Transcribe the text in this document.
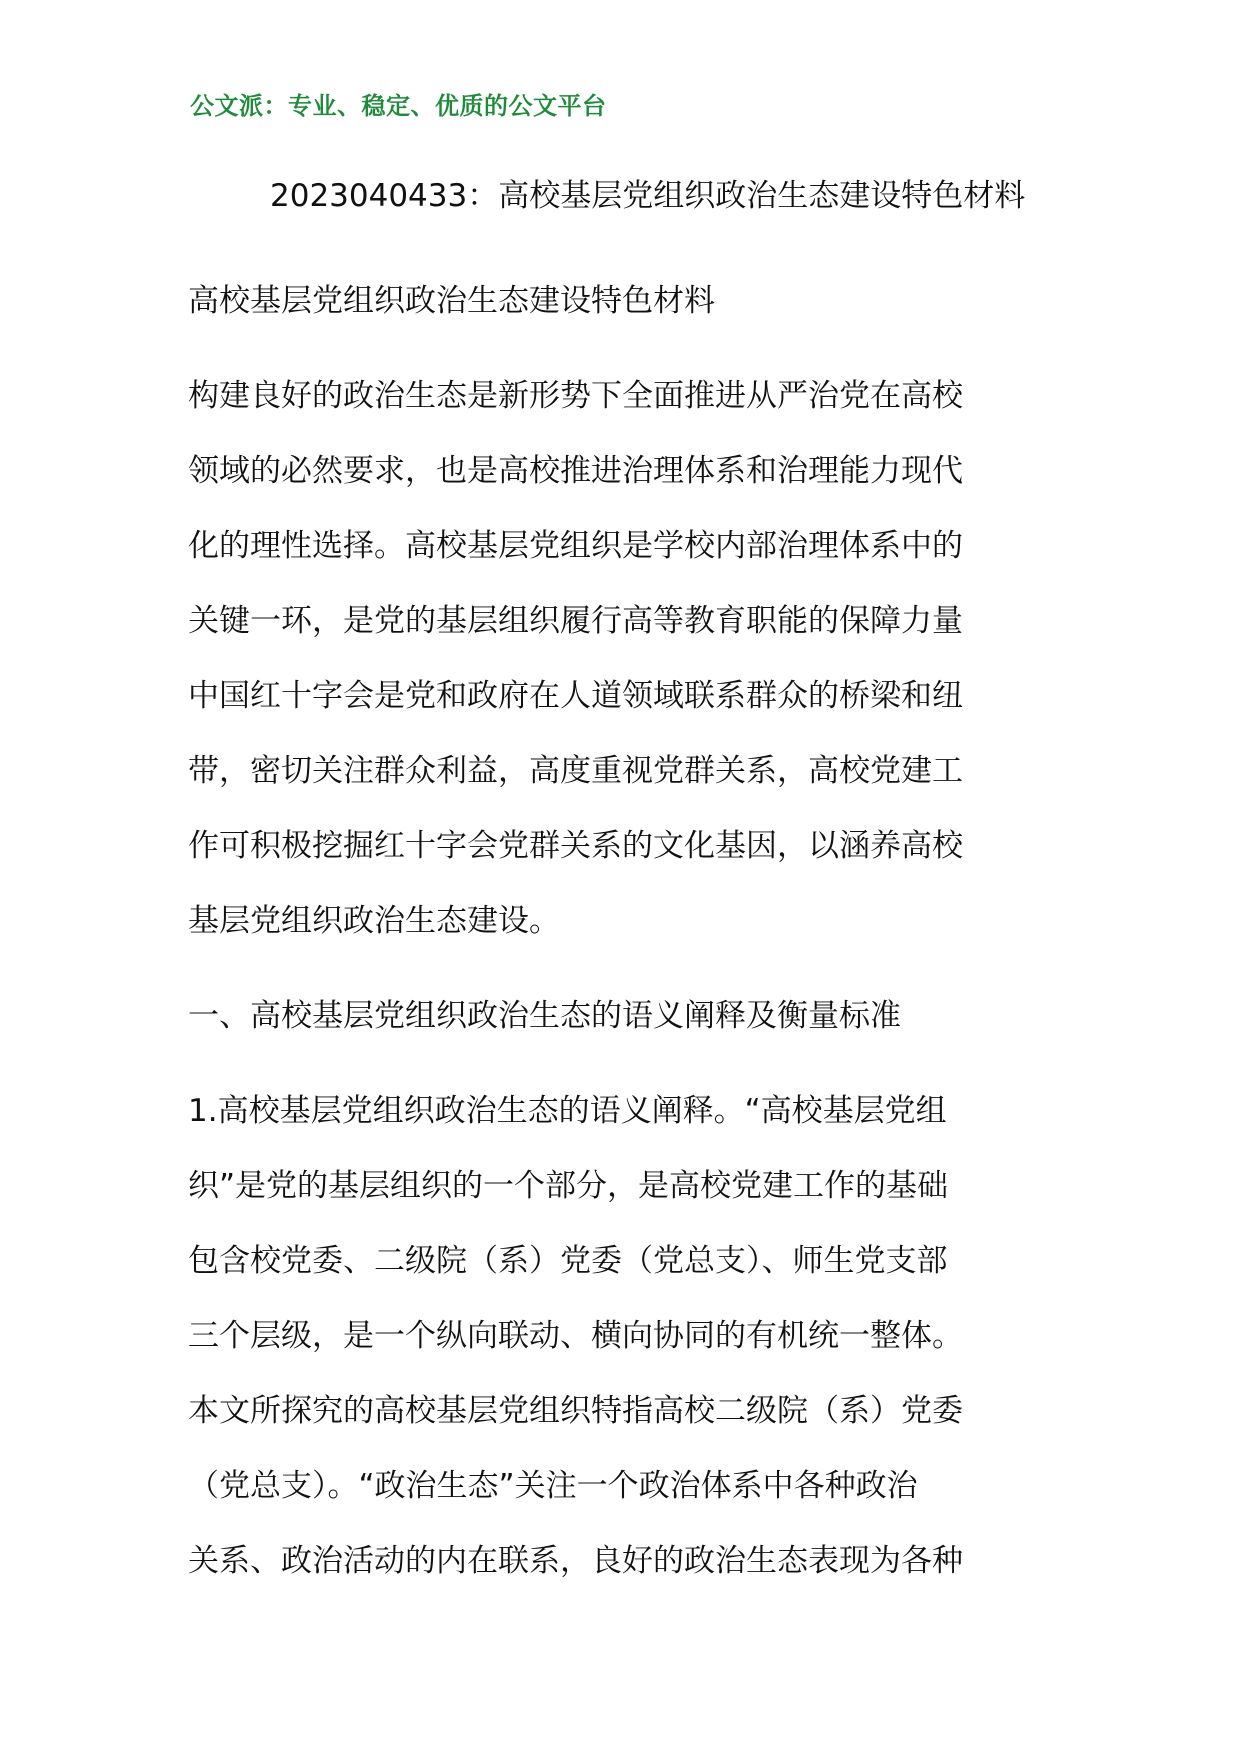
公文派：专业、稳定、优质的公文平台
2023040433：高校基层党组织政治生态建设特色材料
高校基层党组织政治生态建设特色材料
构建良好的政治生态是新形势下全面推进从严治党在高校
领域的必然要求，也是高校推进治理体系和治理能力现代
化的理性选择。高校基层党组织是学校内部治理体系中的
关键一环，是党的基层组织履行高等教育职能的保障力量
中国红十字会是党和政府在人道领域联系群众的桥梁和纽
带，密切关注群众利益，高度重视党群关系，高校党建工
作可积极挖掘红十字会党群关系的文化基因，以涵养高校
基层党组织政治生态建设。
一、高校基层党组织政治生态的语义阐释及衡量标准
1.高校基层党组织政治生态的语义阐释。“高校基层党组
织”是党的基层组织的一个部分，是高校党建工作的基础
包含校党委、二级院（系）党委（党总支）、师生党支部
三个层级，是一个纵向联动、横向协同的有机统一整体。
本文所探究的高校基层党组织特指高校二级院（系）党委
（党总支）。“政治生态”关注一个政治体系中各种政治
关系、政治活动的内在联系，良好的政治生态表现为各种
